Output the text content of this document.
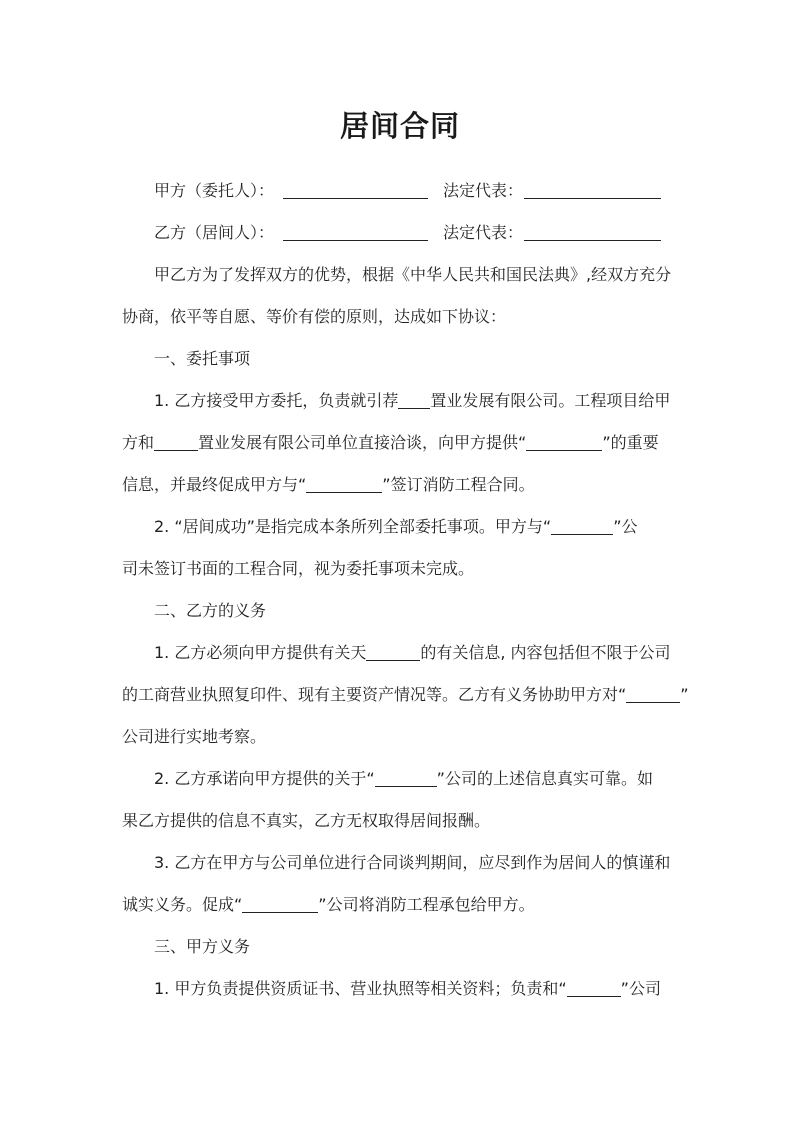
居间合同
甲方（委托人）：	法定代表：
乙方（居间人）：	法定代表：
甲乙方为了发挥双方的优势，根据《中华人民共和国民法典》,经双方充分
协商，依平等自愿、等价有偿的原则，达成如下协议：
一、委托事项
1. 乙方接受甲方委托，负责就引荐 置业发展有限公司。工程项目给甲
方和	置业发展有限公司单位直接洽谈，向甲方提供“	”的重要
信息，并最终促成甲方与“	”签订消防工程合同。
2. “居间成功”是指完成本条所列全部委托事项。甲方与“	”公
司未签订书面的工程合同，视为委托事项未完成。
二、乙方的义务
1. 乙方必须向甲方提供有关天	的有关信息, 内容包括但不限于公司
的工商营业执照复印件、现有主要资产情况等。乙方有义务协助甲方对“	”
公司进行实地考察。
2. 乙方承诺向甲方提供的关于“	”公司的上述信息真实可靠。如
果乙方提供的信息不真实，乙方无权取得居间报酬。
3. 乙方在甲方与公司单位进行合同谈判期间，应尽到作为居间人的慎谨和
诚实义务。促成“	”公司将消防工程承包给甲方。
三、甲方义务
1. 甲方负责提供资质证书、营业执照等相关资料；负责和“	”公司
